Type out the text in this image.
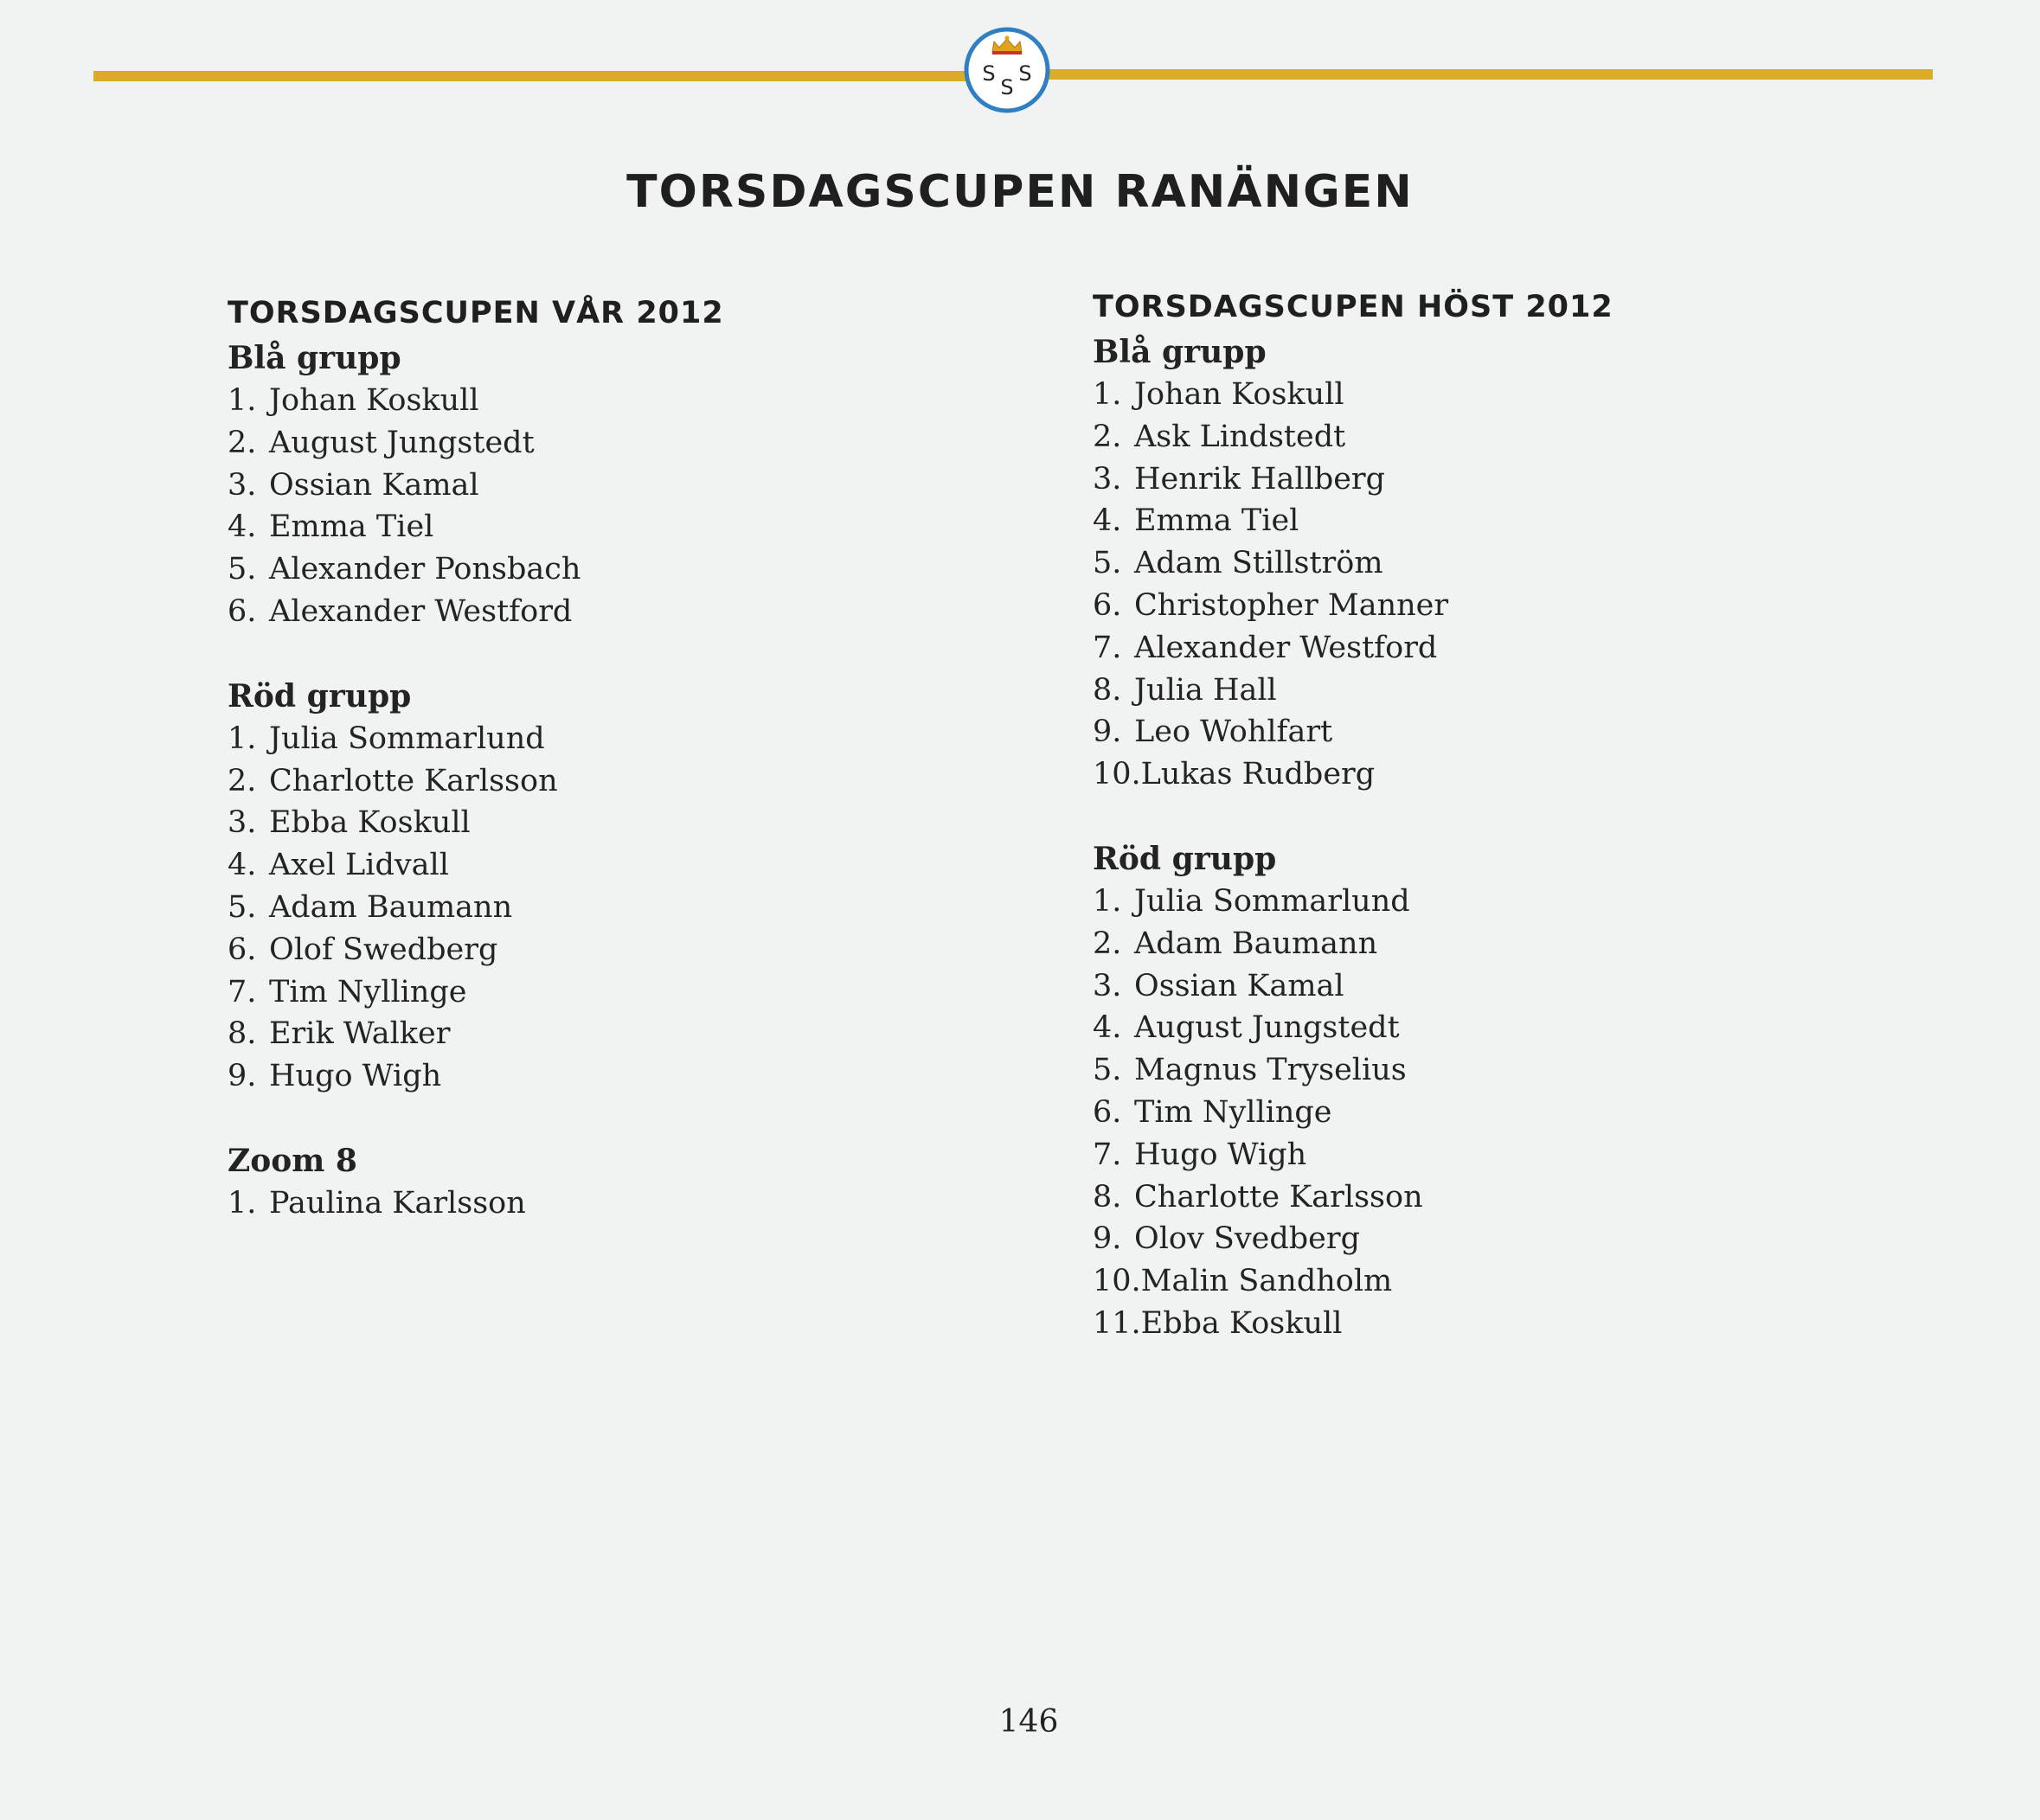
S
S
S
TORSDAGSCUPEN RANÄNGEN
TORSDAGSCUPEN VÅR 2012
Blå grupp
1. Johan Koskull
2. August Jungstedt
3. Ossian Kamal
4. Emma Tiel
5. Alexander Ponsbach
6. Alexander Westford
Röd grupp
1. Julia Sommarlund
2. Charlotte Karlsson
3. Ebba Koskull
4. Axel Lidvall
5. Adam Baumann
6. Olof Swedberg
7. Tim Nyllinge
8. Erik Walker
9. Hugo Wigh
Zoom 8
1. Paulina Karlsson
TORSDAGSCUPEN HÖST 2012
Blå grupp
1. Johan Koskull
2. Ask Lindstedt
3. Henrik Hallberg
4. Emma Tiel
5. Adam Stillström
6. Christopher Manner
7. Alexander Westford
8. Julia Hall
9. Leo Wohlfart
10. Lukas Rudberg
Röd grupp
1. Julia Sommarlund
2. Adam Baumann
3. Ossian Kamal
4. August Jungstedt
5. Magnus Tryselius
6. Tim Nyllinge
7. Hugo Wigh
8. Charlotte Karlsson
9. Olov Svedberg
10. Malin Sandholm
11. Ebba Koskull
146
